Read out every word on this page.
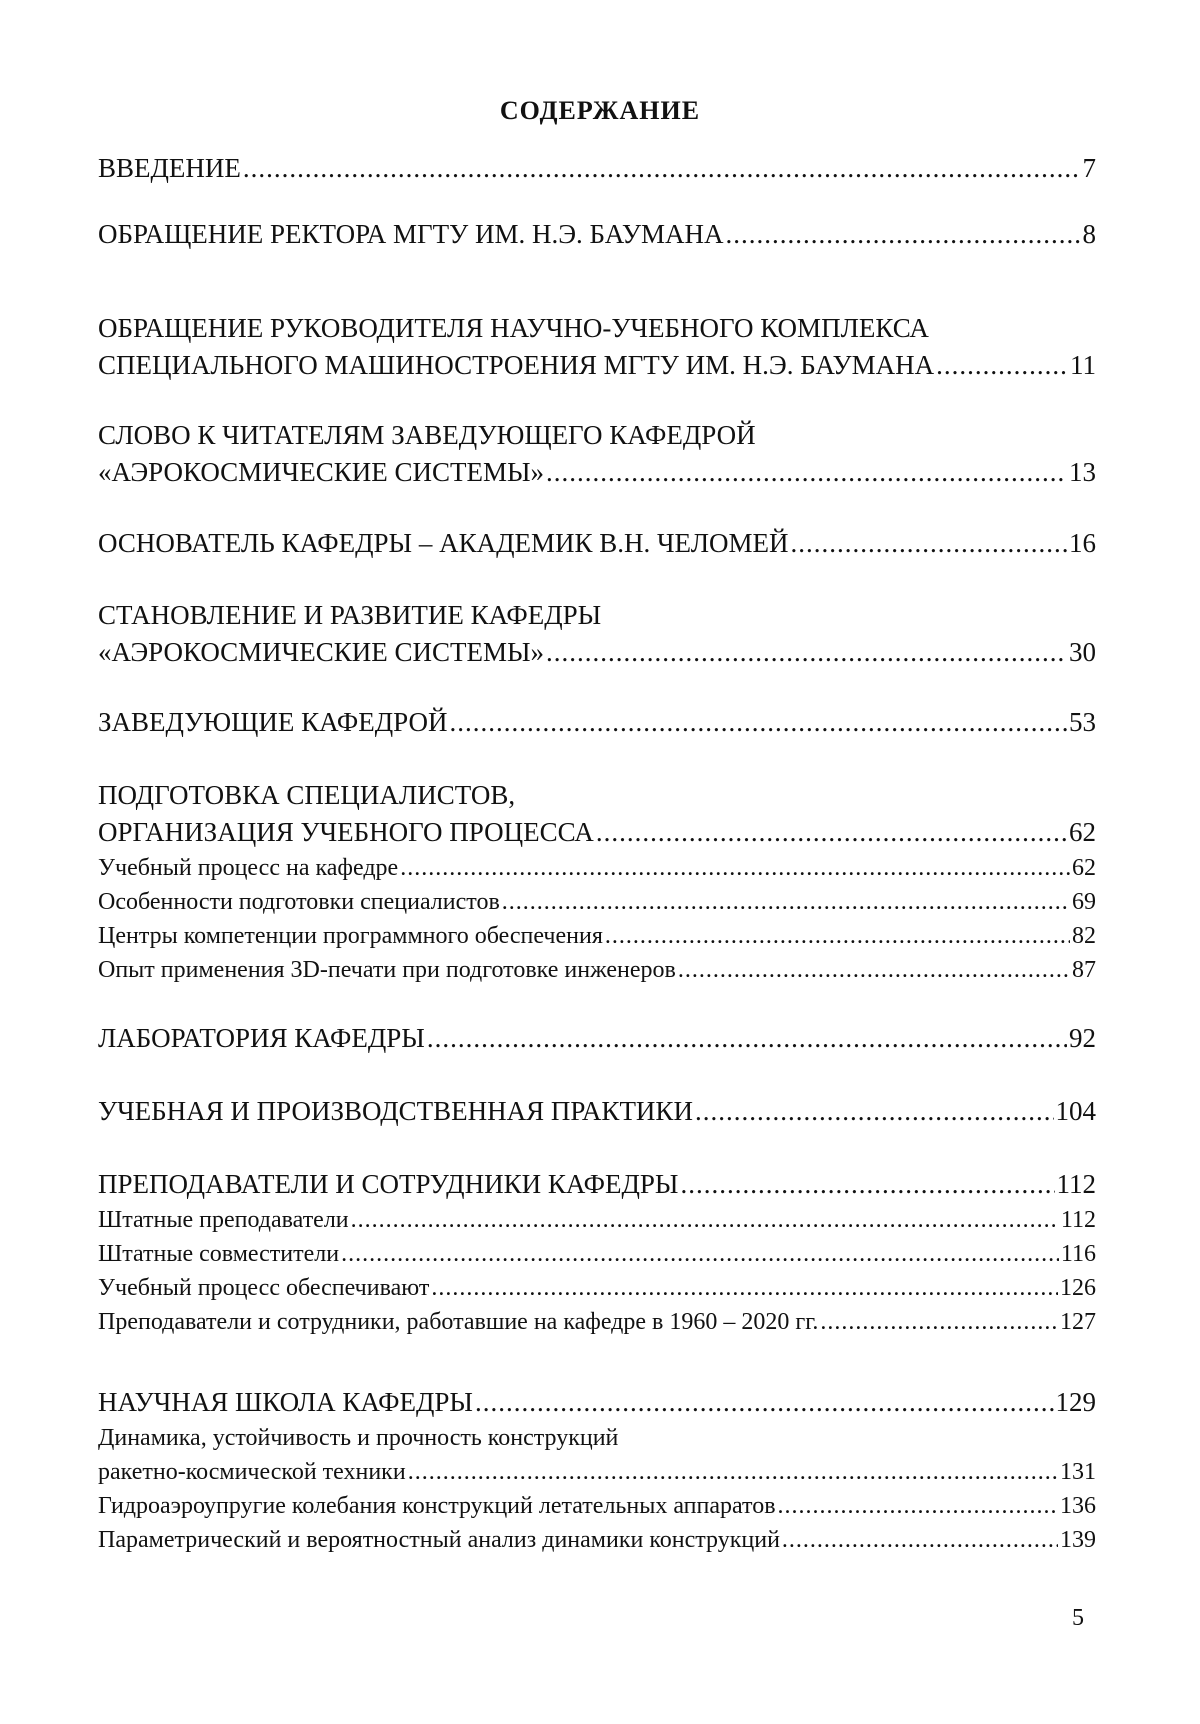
СОДЕРЖАНИЕ
ВВЕДЕНИЕ .....	7
ОБРАЩЕНИЕ РЕКТОРА МГТУ ИМ. Н.Э. БАУМАНА .....	8
ОБРАЩЕНИЕ РУКОВОДИТЕЛЯ НАУЧНО-УЧЕБНОГО КОМПЛЕКСА
СПЕЦИАЛЬНОГО МАШИНОСТРОЕНИЯ МГТУ ИМ. Н.Э. БАУМАНА .....	11
СЛОВО К ЧИТАТЕЛЯМ ЗАВЕДУЮЩЕГО КАФЕДРОЙ
«АЭРОКОСМИЧЕСКИЕ СИСТЕМЫ» .....	13
ОСНОВАТЕЛЬ КАФЕДРЫ – АКАДЕМИК В.Н. ЧЕЛОМЕЙ .....	16
СТАНОВЛЕНИЕ И РАЗВИТИЕ КАФЕДРЫ
«АЭРОКОСМИЧЕСКИЕ СИСТЕМЫ» .....	30
ЗАВЕДУЮЩИЕ КАФЕДРОЙ .....	53
ПОДГОТОВКА СПЕЦИАЛИСТОВ,
ОРГАНИЗАЦИЯ УЧЕБНОГО ПРОЦЕССА .....	62
Учебный процесс на кафедре .....	62
Особенности подготовки специалистов .....	69
Центры компетенции программного обеспечения .....	82
Опыт применения 3D-печати при подготовке инженеров .....	87
ЛАБОРАТОРИЯ КАФЕДРЫ .....	92
УЧЕБНАЯ И ПРОИЗВОДСТВЕННАЯ ПРАКТИКИ .....	104
ПРЕПОДАВАТЕЛИ И СОТРУДНИКИ КАФЕДРЫ .....	112
Штатные преподаватели .....	112
Штатные совместители .....	116
Учебный процесс обеспечивают .....	126
Преподаватели и сотрудники, работавшие на кафедре в 1960 – 2020 гг. .....	127
НАУЧНАЯ ШКОЛА КАФЕДРЫ .....	129
Динамика, устойчивость и прочность конструкций
ракетно-космической техники .....	131
Гидроаэроупругие колебания конструкций летательных аппаратов .....	136
Параметрический и вероятностный анализ динамики конструкций .....	139
5
